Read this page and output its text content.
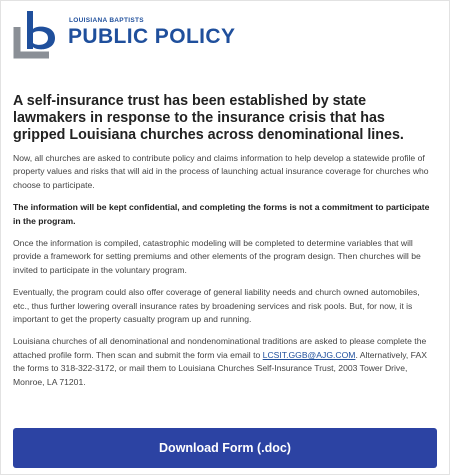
LOUISIANA BAPTISTS
PUBLIC POLICY
A self-insurance trust has been established by state lawmakers in response to the insurance crisis that has gripped Louisiana churches across denominational lines.

Now, all churches are asked to contribute policy and claims information to help develop a statewide profile of property values and risks that will aid in the process of launching actual insurance coverage for churches who choose to participate.

The information will be kept confidential, and completing the forms is not a commitment to participate in the program.

Once the information is compiled, catastrophic modeling will be completed to determine variables that will provide a framework for setting premiums and other elements of the program design. Then churches will be invited to participate in the voluntary program.

Eventually, the program could also offer coverage of general liability needs and church owned automobiles, etc., thus further lowering overall insurance rates by broadening services and risk pools. But, for now, it is important to get the property casualty program up and running.

Louisiana churches of all denominational and nondenominational traditions are asked to please complete the attached profile form. Then scan and submit the form via email to LCSIT.GGB@AJG.COM. Alternatively, FAX the forms to 318-322-3172, or mail them to Louisiana Churches Self-Insurance Trust, 2003 Tower Drive, Monroe, LA 71201.

Download Form (.doc)
